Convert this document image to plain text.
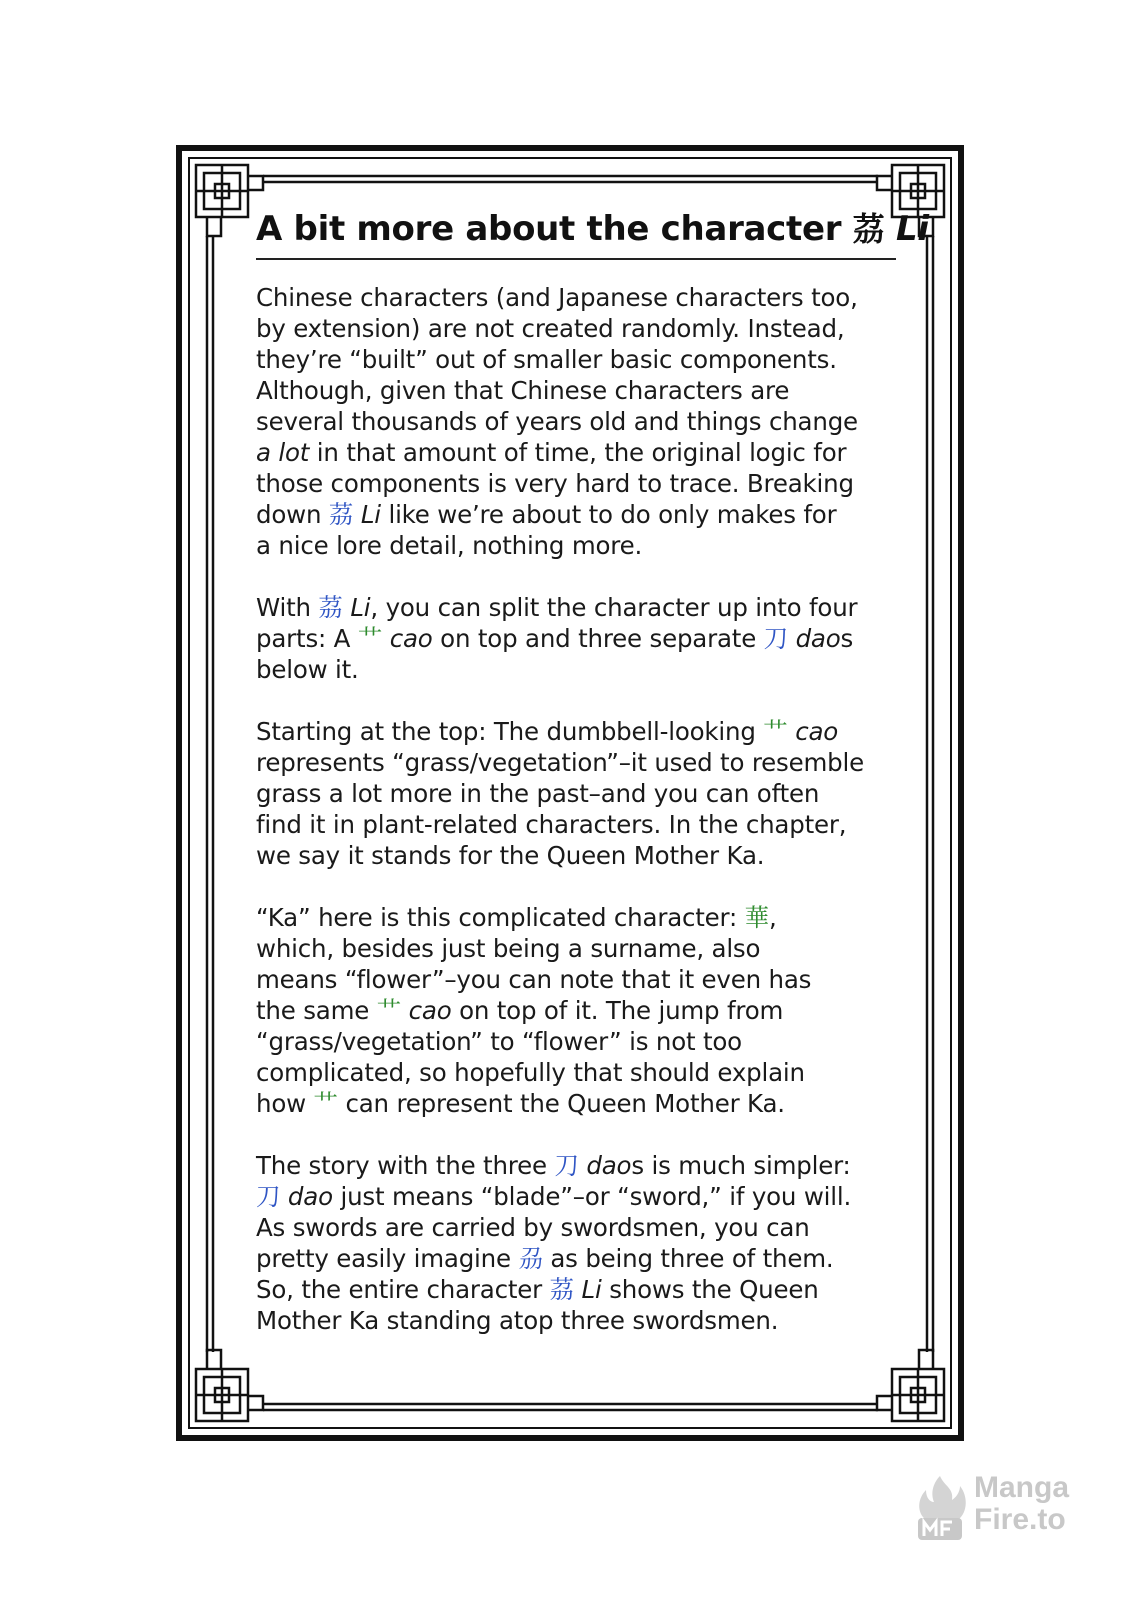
A bit more about the character 茘 Li

Chinese characters (and Japanese characters too,
by extension) are not created randomly. Instead,
they’re “built” out of smaller basic components.
Although, given that Chinese characters are
several thousands of years old and things change
a lot in that amount of time, the original logic for
those components is very hard to trace. Breaking
down 茘 Li like we’re about to do only makes for
a nice lore detail, nothing more.

With 茘 Li, you can split the character up into four
parts: A 艹 cao on top and three separate 刀 daos
below it.

Starting at the top: The dumbbell-looking 艹 cao
represents “grass/vegetation”–it used to resemble
grass a lot more in the past–and you can often
find it in plant-related characters. In the chapter,
we say it stands for the Queen Mother Ka.

“Ka” here is this complicated character: 華,
which, besides just being a surname, also
means “flower”–you can note that it even has
the same 艹 cao on top of it. The jump from
“grass/vegetation” to “flower” is not too
complicated, so hopefully that should explain
how 艹 can represent the Queen Mother Ka.

The story with the three 刀 daos is much simpler:
刀 dao just means “blade”–or “sword,” if you will.
As swords are carried by swordsmen, you can
pretty easily imagine 刕 as being three of them.
So, the entire character 茘 Li shows the Queen
Mother Ka standing atop three swordsmen.

Manga
Fire.to
